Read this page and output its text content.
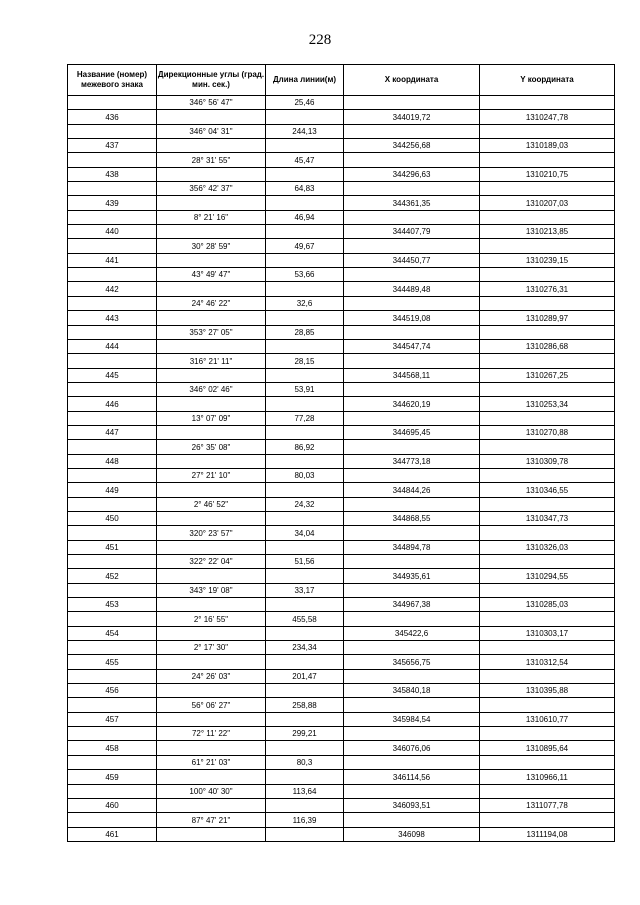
228
Название (номер) межевого знака	Дирекционные углы (град. мин. сек.)	Длина линии(м)	X координата	Y координата
	346° 56' 47"	25,46		
436			344019,72	1310247,78
	346° 04' 31"	244,13		
437			344256,68	1310189,03
	28° 31' 55"	45,47		
438			344296,63	1310210,75
	356° 42' 37"	64,83		
439			344361,35	1310207,03
	8° 21' 16"	46,94		
440			344407,79	1310213,85
	30° 28' 59"	49,67		
441			344450,77	1310239,15
	43° 49' 47"	53,66		
442			344489,48	1310276,31
	24° 46' 22"	32,6		
443			344519,08	1310289,97
	353° 27' 05"	28,85		
444			344547,74	1310286,68
	316° 21' 11"	28,15		
445			344568,11	1310267,25
	346° 02' 46"	53,91		
446			344620,19	1310253,34
	13° 07' 09"	77,28		
447			344695,45	1310270,88
	26° 35' 08"	86,92		
448			344773,18	1310309,78
	27° 21' 10"	80,03		
449			344844,26	1310346,55
	2° 46' 52"	24,32		
450			344868,55	1310347,73
	320° 23' 57"	34,04		
451			344894,78	1310326,03
	322° 22' 04"	51,56		
452			344935,61	1310294,55
	343° 19' 08"	33,17		
453			344967,38	1310285,03
	2° 16' 55"	455,58		
454			345422,6	1310303,17
	2° 17' 30"	234,34		
455			345656,75	1310312,54
	24° 26' 03"	201,47		
456			345840,18	1310395,88
	56° 06' 27"	258,88		
457			345984,54	1310610,77
	72° 11' 22"	299,21		
458			346076,06	1310895,64
	61° 21' 03"	80,3		
459			346114,56	1310966,11
	100° 40' 30"	113,64		
460			346093,51	1311077,78
	87° 47' 21"	116,39		
461			346098	1311194,08
